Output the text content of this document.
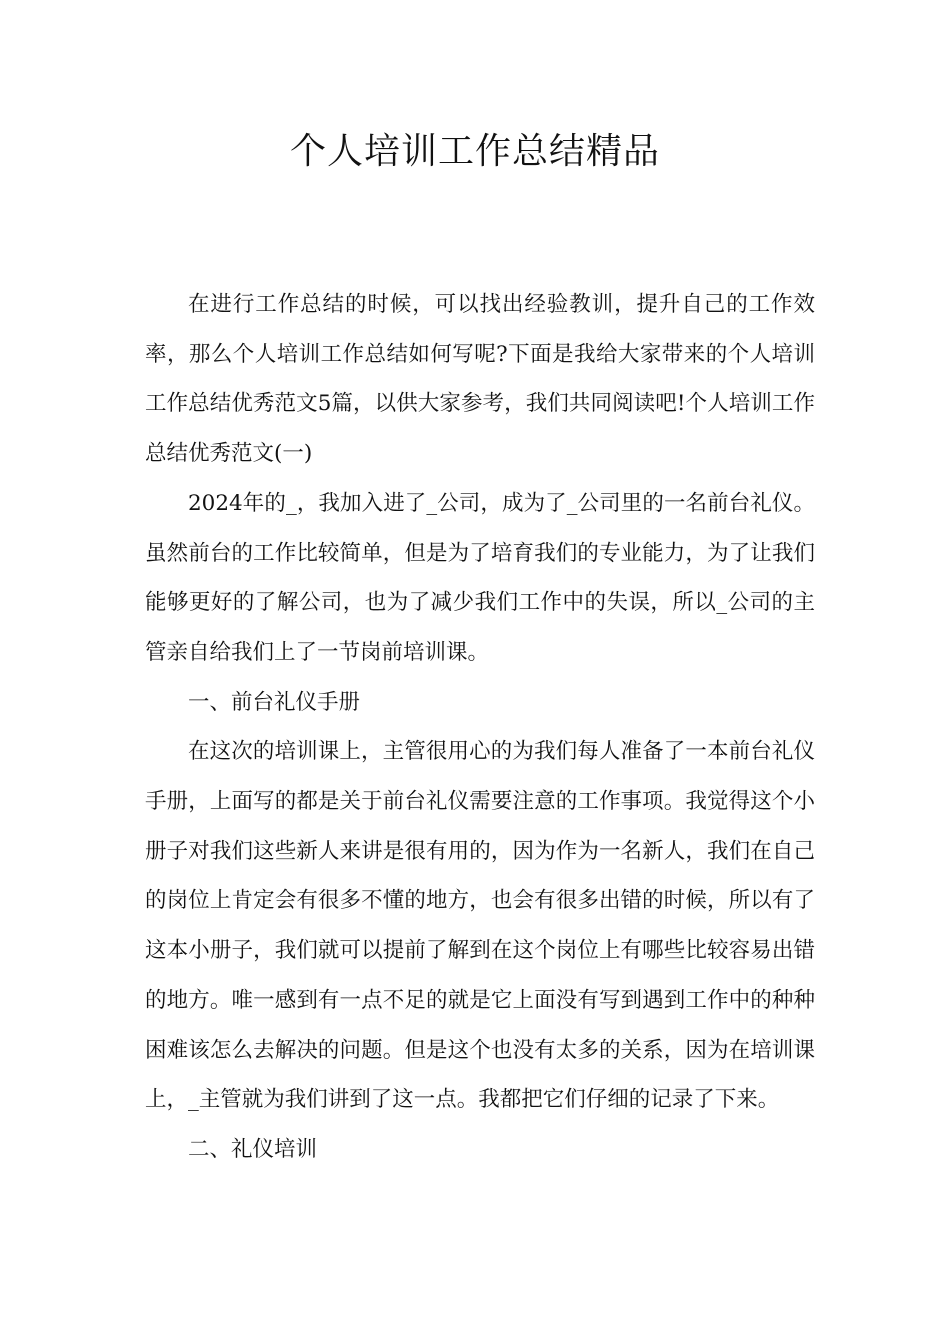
个人培训工作总结精品

在进行工作总结的时候，可以找出经验教训，提升自己的工作效率，那么个人培训工作总结如何写呢?下面是我给大家带来的个人培训工作总结优秀范文5篇，以供大家参考，我们共同阅读吧!个人培训工作总结优秀范文(一)

2024年的_，我加入进了_公司，成为了_公司里的一名前台礼仪。虽然前台的工作比较简单，但是为了培育我们的专业能力，为了让我们能够更好的了解公司，也为了减少我们工作中的失误，所以_公司的主管亲自给我们上了一节岗前培训课。

一、前台礼仪手册

在这次的培训课上，主管很用心的为我们每人准备了一本前台礼仪手册，上面写的都是关于前台礼仪需要注意的工作事项。我觉得这个小册子对我们这些新人来讲是很有用的，因为作为一名新人，我们在自己的岗位上肯定会有很多不懂的地方，也会有很多出错的时候，所以有了这本小册子，我们就可以提前了解到在这个岗位上有哪些比较容易出错的地方。唯一感到有一点不足的就是它上面没有写到遇到工作中的种种困难该怎么去解决的问题。但是这个也没有太多的关系，因为在培训课上，_主管就为我们讲到了这一点。我都把它们仔细的记录了下来。

二、礼仪培训
